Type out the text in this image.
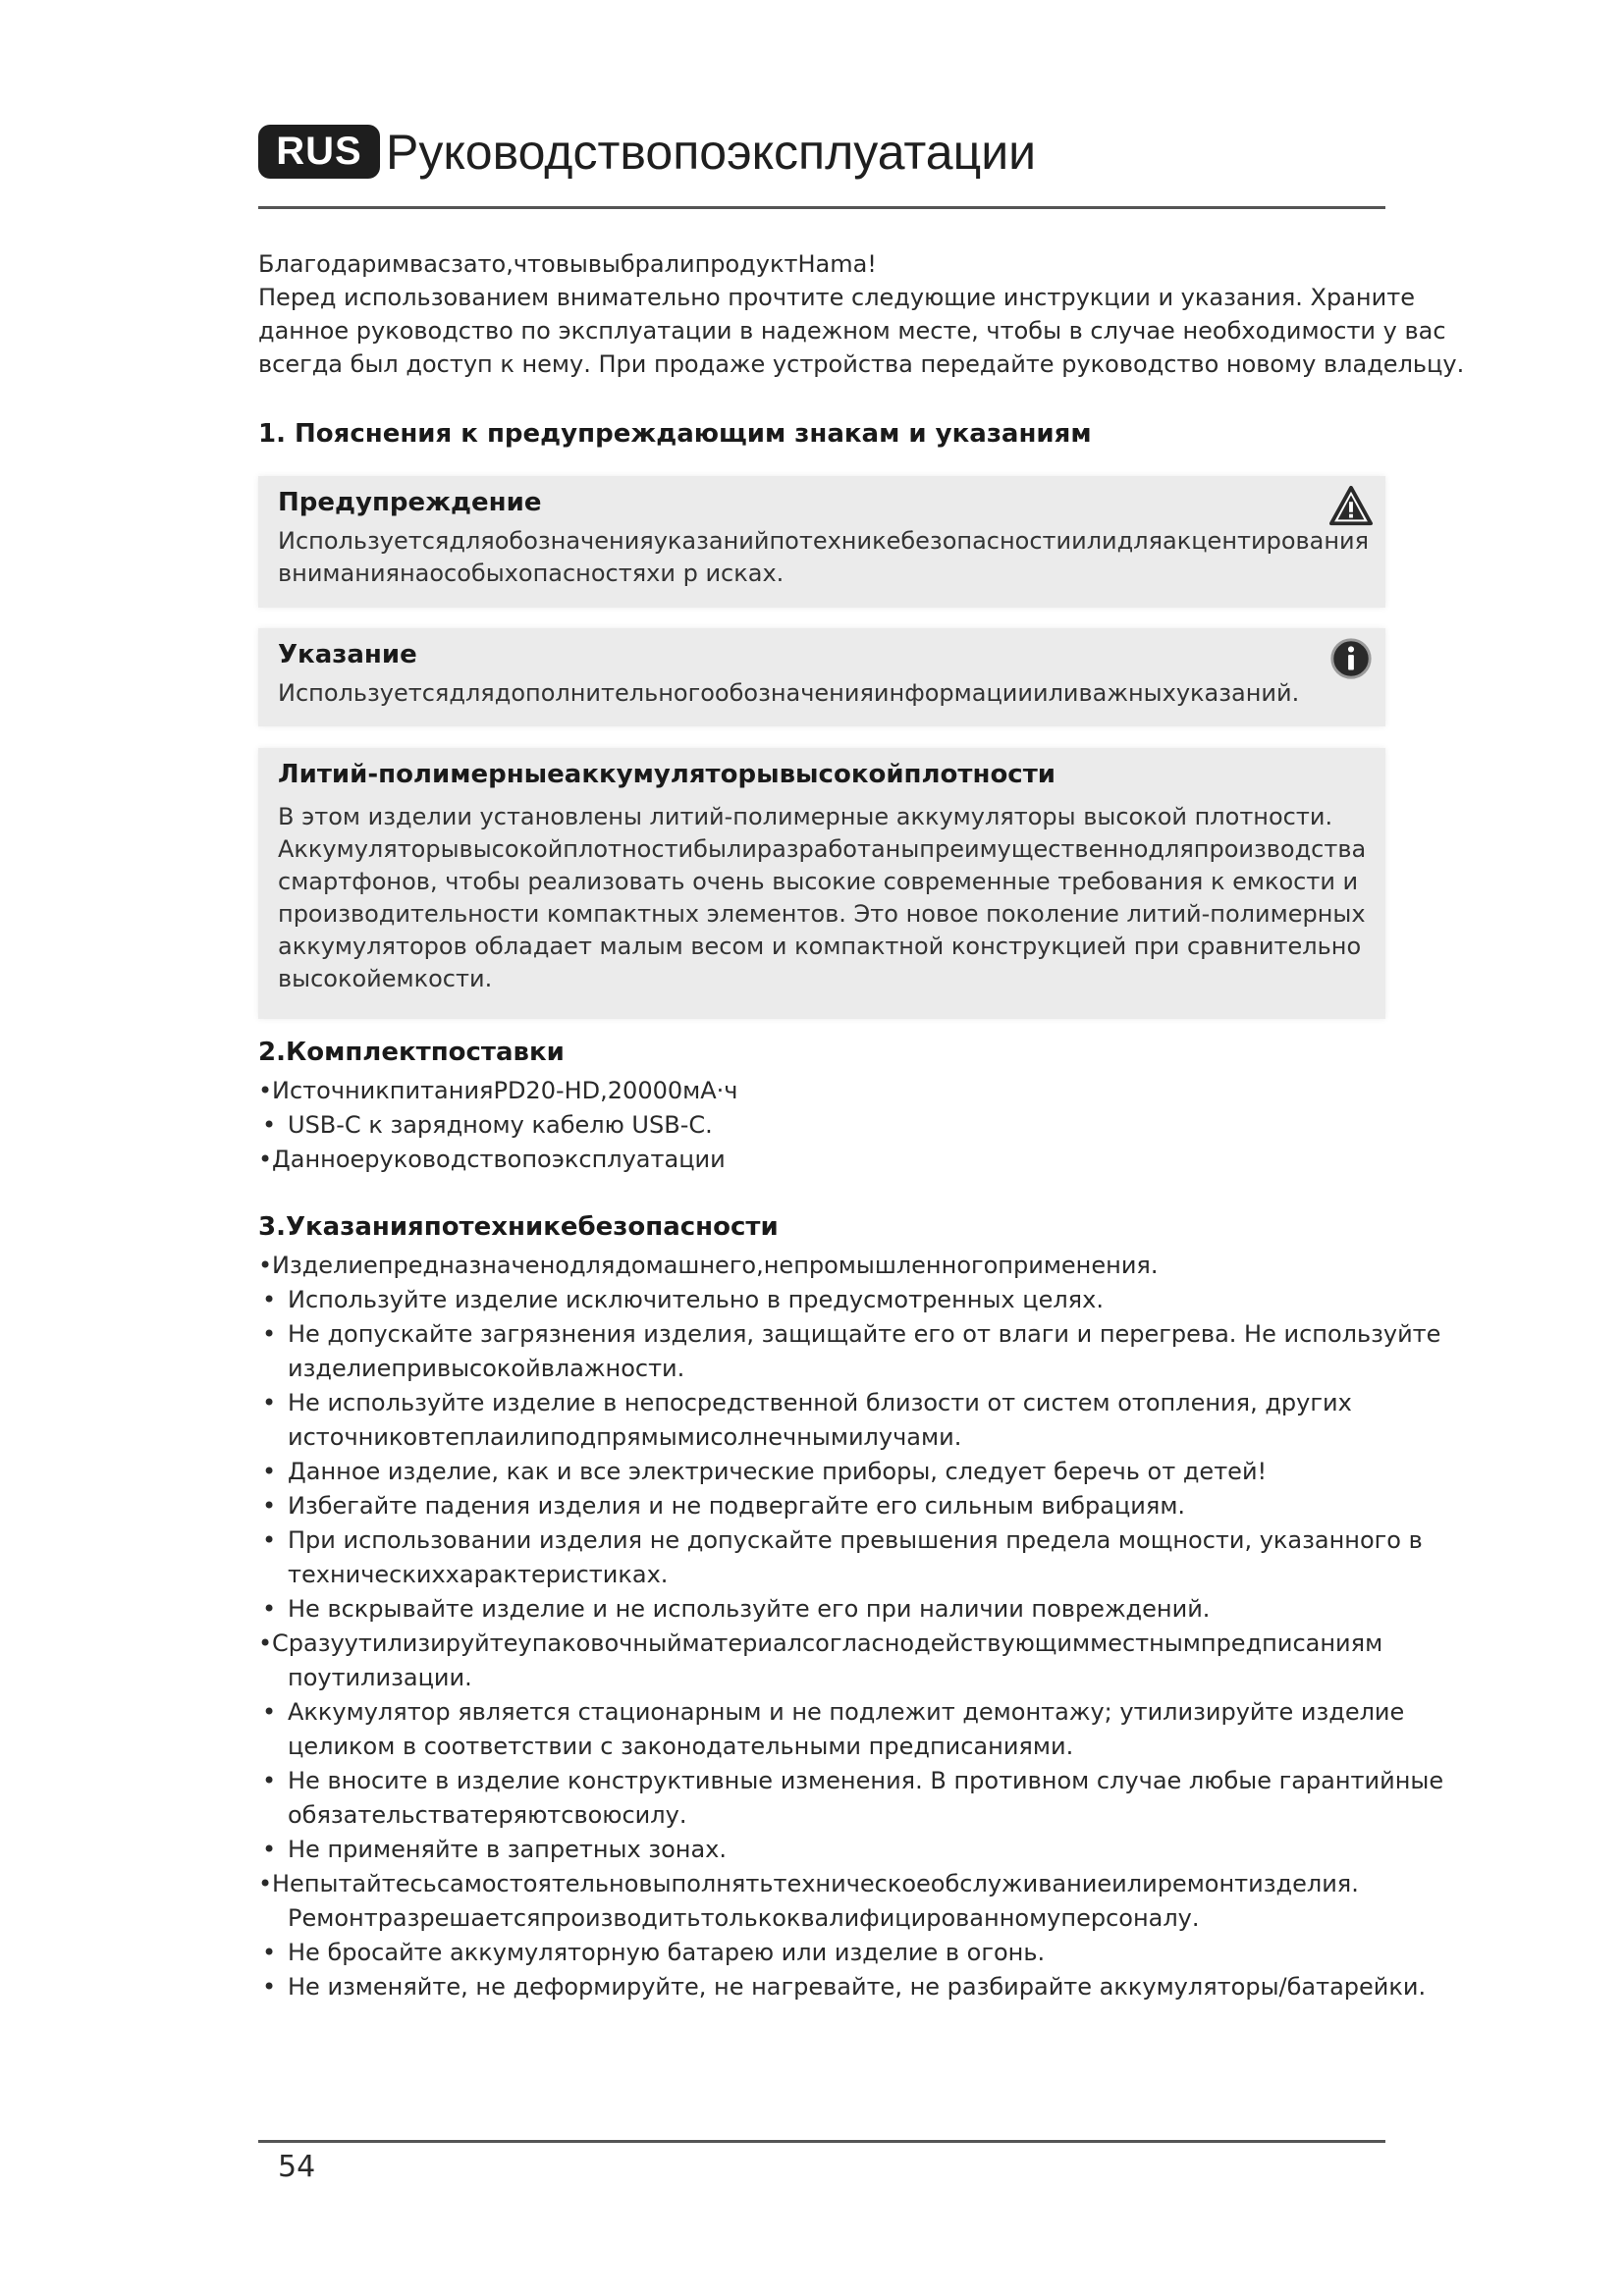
RUS Руководствопоэксплуатации
Благодаримвасзато,чтовывыбралипродуктHama!
Перед использованием внимательно прочтите следующие инструкции и указания. Храните
данное руководство по эксплуатации в надежном месте, чтобы в случае необходимости у вас
всегда был доступ к нему. При продаже устройства передайте руководство новому владельцу.
1. Пояснения к предупреждающим знакам и указаниям
Предупреждение
Используетсядляобозначенияуказанийпотехникебезопасностиилидляакцентирования
вниманиянаособыхопасностяхи р исках.
Указание
Используетсядлядополнительногообозначенияинформациииливажныхуказаний.
Литий-полимерныеаккумуляторывысокойплотности
В этом изделии установлены литий-полимерные аккумуляторы высокой плотности.
Аккумуляторывысокойплотностибылиразработаныпреимущественнодляпроизводства
смартфонов, чтобы реализовать очень высокие современные требования к емкости и
производительности компактных элементов. Это новое поколение литий-полимерных
аккумуляторов обладает малым весом и компактной конструкцией при сравнительно
высокойемкости.
2.Комплектпоставки
• ИсточникпитанияPD20-HD,20000мА·ч
• USB-C к зарядному кабелю USB-C.
• Данноеруководствопоэксплуатации
3.Указанияпотехникебезопасности
• Изделиепредназначенодлядомашнего,непромышленногоприменения.
• Используйте изделие исключительно в предусмотренных целях.
• Не допускайте загрязнения изделия, защищайте его от влаги и перегрева. Не используйте
изделиепривысокойвлажности.
• Не используйте изделие в непосредственной близости от систем отопления, других
источниковтеплаилиподпрямымисолнечнымилучами.
• Данное изделие, как и все электрические приборы, следует беречь от детей!
• Избегайте падения изделия и не подвергайте его сильным вибрациям.
• При использовании изделия не допускайте превышения предела мощности, указанного в
техническиххарактеристиках.
• Не вскрывайте изделие и не используйте его при наличии повреждений.
• Сразуутилизируйтеупаковочныйматериалсогласнодействующимместнымпредписаниям
поутилизации.
• Аккумулятор является стационарным и не подлежит демонтажу; утилизируйте изделие
целиком в соответствии с законодательными предписаниями.
• Не вносите в изделие конструктивные изменения. В противном случае любые гарантийные
обязательстватеряютсвоюсилу.
• Не применяйте в запретных зонах.
• Непытайтесьсамостоятельновыполнятьтехническоеобслуживаниеилиремонтизделия.
Ремонтразрешаетсяпроизводитьтолькоквалифицированномуперсоналу.
• Не бросайте аккумуляторную батарею или изделие в огонь.
• Не изменяйте, не деформируйте, не нагревайте, не разбирайте аккумуляторы/батарейки.
54
